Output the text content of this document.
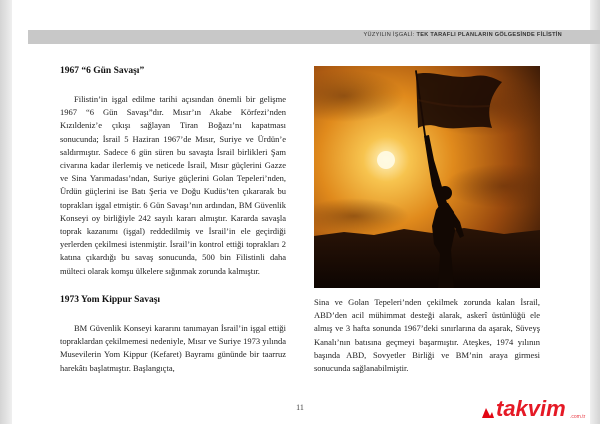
YÜZYILIN İŞGALİ: TEK TARAFLI PLANLARIN GÖLGESİNDE FİLİSTİN
1967 “6 Gün Savaşı”

Filistin’in işgal edilme tarihi açısından önemli bir gelişme 1967 “6 Gün Savaşı”dır. Mısır’ın Akabe Körfezi’nden Kızıldeniz’e çıkışı sağlayan Tiran Boğazı’nı kapatması sonucunda; İsrail 5 Haziran 1967’de Mısır, Suriye ve Ürdün’e saldırmıştır. Sadece 6 gün süren bu savaşta İsrail birlikleri Şam civarına kadar ilerlemiş ve neticede İsrail, Mısır güçlerini Gazze ve Sina Yarımadası’ndan, Suriye güçlerini Golan Tepeleri’nden, Ürdün güçlerini ise Batı Şeria ve Doğu Kudüs’ten çıkararak bu toprakları işgal etmiştir. 6 Gün Savaşı’nın ardından, BM Güvenlik Konseyi oy birliğiyle 242 sayılı kararı almıştır. Kararda savaşla toprak kazanımı (işgal) reddedilmiş ve İsrail’in ele geçirdiği yerlerden çekilmesi istenmiştir. İsrail’in kontrol ettiği toprakları 2 katına çıkardığı bu savaş sonucunda, 500 bin Filistinli daha mülteci olarak komşu ülkelere sığınmak zorunda kalmıştır.

1973 Yom Kippur Savaşı

BM Güvenlik Konseyi kararını tanımayan İsrail’in işgal ettiği topraklardan çekilmemesi nedeniyle, Mısır ve Suriye 1973 yılında Musevilerin Yom Kippur (Kefaret) Bayramı gününde bir taarruz harekâtı başlatmıştır. Başlangıçta,

Sina ve Golan Tepeleri’nden çekilmek zorunda kalan İsrail, ABD’den acil mühimmat desteği alarak, askerî üstünlüğü ele almış ve 3 hafta sonunda 1967’deki sınırlarına da aşarak, Süveyş Kanalı’nın batısına geçmeyi başarmıştır. Ateşkes, 1974 yılının başında ABD, Sovyetler Birliği ve BM’nin araya girmesi sonucunda sağlanabilmiştir.

11	takvim .com.tr
